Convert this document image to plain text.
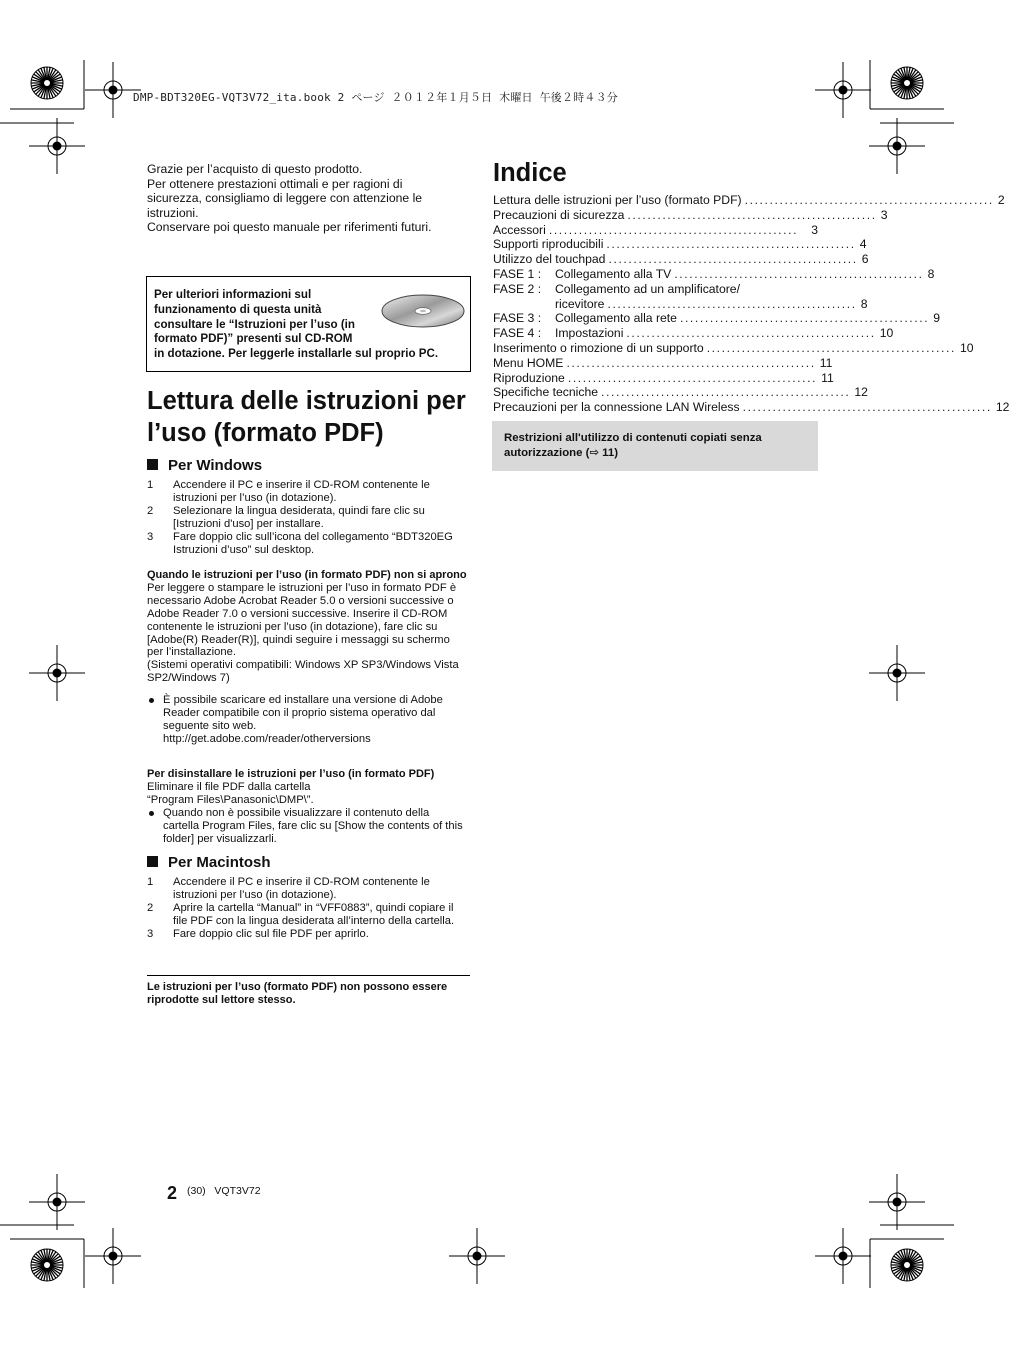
DMP-BDT320EG-VQT3V72_ita.book 2 ページ ２０１２年１月５日 木曜日 午後２時４３分

Grazie per l’acquisto di questo prodotto.

Per ottenere prestazioni ottimali e per ragioni di sicurezza, consigliamo di leggere con attenzione le istruzioni.

Conservare poi questo manuale per riferimenti futuri.

Per ulteriori informazioni sul
funzionamento di questa unità
consultare le “Istruzioni per l’uso (in
formato PDF)” presenti sul CD-ROM
in dotazione. Per leggerle installarle sul proprio PC.
Lettura delle istruzioni per l’uso (formato PDF)
Per Windows
1 Accendere il PC e inserire il CD-ROM contenente le istruzioni per l’uso (in dotazione).
2 Selezionare la lingua desiderata, quindi fare clic su [Istruzioni d'uso] per installare.
3 Fare doppio clic sull’icona del collegamento “BDT320EG Istruzioni d’uso” sul desktop.
Quando le istruzioni per l’uso (in formato PDF) non si aprono
Per leggere o stampare le istruzioni per l’uso in formato PDF è necessario Adobe Acrobat Reader 5.0 o versioni successive o Adobe Reader 7.0 o versioni successive. Inserire il CD-ROM contenente le istruzioni per l’uso (in dotazione), fare clic su [Adobe(R) Reader(R)], quindi seguire i messaggi su schermo per l’installazione.
(Sistemi operativi compatibili: Windows XP SP3/Windows Vista SP2/Windows 7)
È possibile scaricare ed installare una versione di Adobe Reader compatibile con il proprio sistema operativo dal seguente sito web.
http://get.adobe.com/reader/otherversions
Per disinstallare le istruzioni per l’uso (in formato PDF)
Eliminare il file PDF dalla cartella
“Program Files\Panasonic\DMP\”.
Quando non è possibile visualizzare il contenuto della cartella Program Files, fare clic su [Show the contents of this folder] per visualizzarli.
Per Macintosh
1 Accendere il PC e inserire il CD-ROM contenente le istruzioni per l’uso (in dotazione).
2 Aprire la cartella “Manual” in “VFF0883”, quindi copiare il file PDF con la lingua desiderata all’interno della cartella.
3 Fare doppio clic sul file PDF per aprirlo.
Le istruzioni per l’uso (formato PDF) non possono essere riprodotte sul lettore stesso.
Indice
Lettura delle istruzioni per l’uso (formato PDF) .................................................. 2
Precauzioni di sicurezza .................................................. 3
Accessori ..................................................	3
Supporti riproducibili .................................................. 4
Utilizzo del touchpad .................................................. 6
FASE 1 : Collegamento alla TV .................................................. 8
FASE 2 : Collegamento ad un amplificatore/
ricevitore .................................................. 8
FASE 3 : Collegamento alla rete .................................................. 9
FASE 4 : Impostazioni .................................................. 10
Inserimento o rimozione di un supporto .................................................. 10
Menu HOME .................................................. 11
Riproduzione .................................................. 11
Specifiche tecniche .................................................. 12
Precauzioni per la connessione LAN Wireless .................................................. 12
Restrizioni all'utilizzo di contenuti copiati senza autorizzazione (⇨ 11)
2 (30)   VQT3V72
